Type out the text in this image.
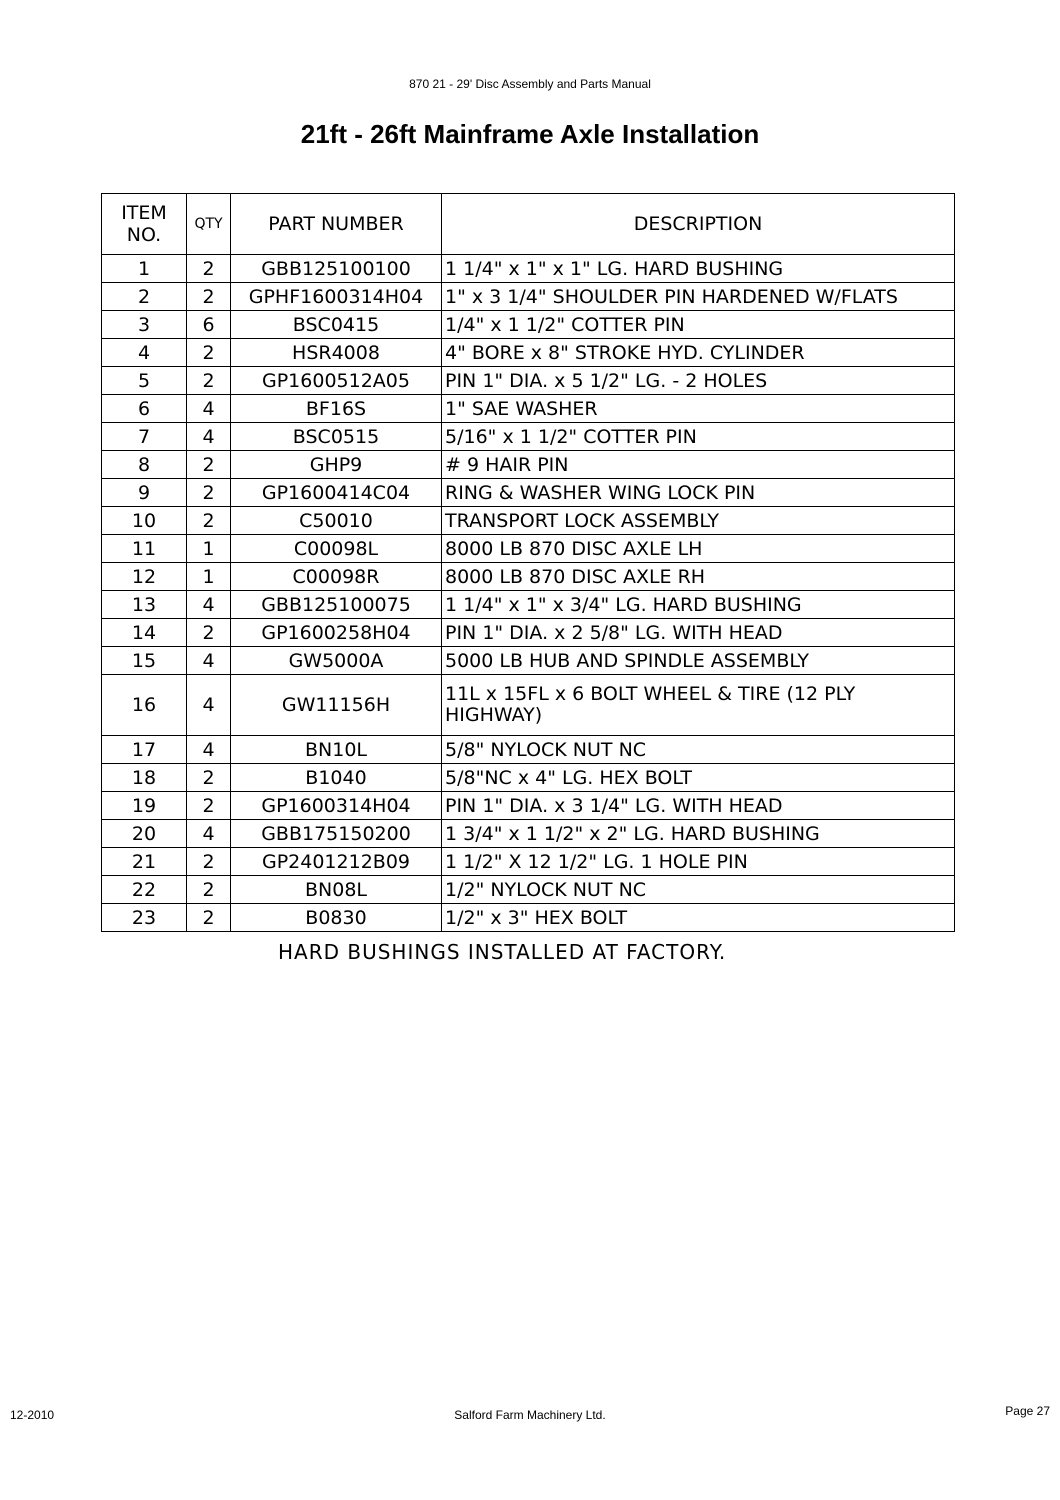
870 21 - 29' Disc Assembly and Parts Manual
21ft - 26ft Mainframe Axle Installation
ITEM
NO.	QTY	PART NUMBER	DESCRIPTION
1	2	GBB125100100	1 1/4" x 1" x 1" LG. HARD BUSHING
2	2	GPHF1600314H04	1" x 3 1/4" SHOULDER PIN HARDENED W/FLATS
3	6	BSC0415	1/4" x 1 1/2" COTTER PIN
4	2	HSR4008	4" BORE x 8" STROKE HYD. CYLINDER
5	2	GP1600512A05	PIN 1" DIA. x 5 1/2" LG. - 2 HOLES
6	4	BF16S	1" SAE WASHER
7	4	BSC0515	5/16" x 1 1/2" COTTER PIN
8	2	GHP9	# 9 HAIR PIN
9	2	GP1600414C04	RING & WASHER WING LOCK PIN
10	2	C50010	TRANSPORT LOCK ASSEMBLY
11	1	C00098L	8000 LB 870 DISC AXLE LH
12	1	C00098R	8000 LB 870 DISC AXLE RH
13	4	GBB125100075	1 1/4" x 1" x 3/4" LG. HARD BUSHING
14	2	GP1600258H04	PIN 1" DIA. x 2 5/8" LG. WITH HEAD
15	4	GW5000A	5000 LB HUB AND SPINDLE ASSEMBLY
16	4	GW11156H	11L x 15FL x 6 BOLT WHEEL & TIRE (12 PLY HIGHWAY)
17	4	BN10L	5/8" NYLOCK NUT NC
18	2	B1040	5/8"NC x 4" LG. HEX BOLT
19	2	GP1600314H04	PIN 1" DIA. x 3 1/4" LG. WITH HEAD
20	4	GBB175150200	1 3/4" x 1 1/2" x 2" LG. HARD BUSHING
21	2	GP2401212B09	1 1/2" X 12 1/2" LG. 1 HOLE PIN
22	2	BN08L	1/2" NYLOCK NUT NC
23	2	B0830	1/2" x 3" HEX BOLT
HARD BUSHINGS INSTALLED AT FACTORY.
12-2010	Salford Farm Machinery Ltd.	Page 27
